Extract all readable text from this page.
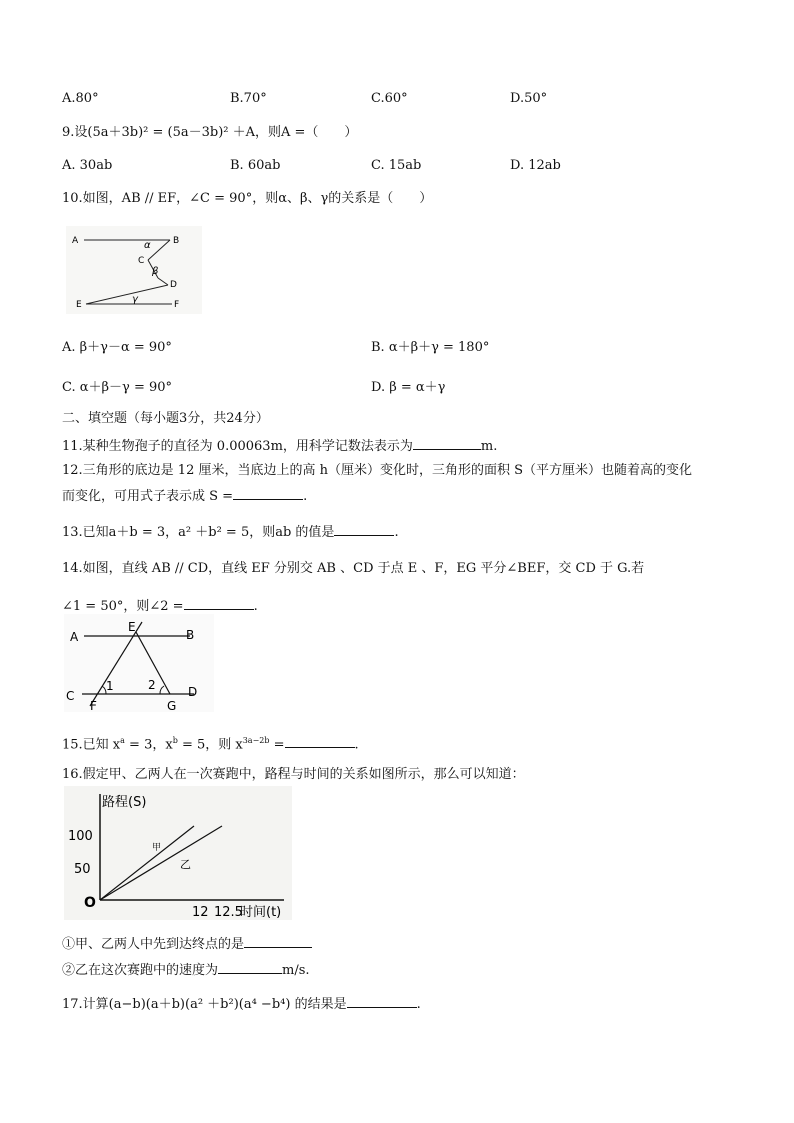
A.80°	B.70°	C.60°	D.50°
9.设(5a＋3b)² = (5a－3b)² ＋A，则A =（　　）
A. 30ab	B. 60ab	C. 15ab	D. 12ab
10.如图，AB // EF，∠C = 90°，则α、β、γ的关系是（　　）
A	B
C
D
E	F
α
β
γ
A. β＋γ－α = 90°	B. α＋β＋γ = 180°
C. α＋β－γ = 90°	D. β = α＋γ
二、填空题（每小题3分，共24分）
11.某种生物孢子的直径为 0.00063m，用科学记数法表示为	m.
12.三角形的底边是 12 厘米，当底边上的高 h（厘米）变化时，三角形的面积 S（平方厘米）也随着高的变化
而变化，可用式子表示成 S =	.
13.已知a＋b = 3，a² ＋b² = 5，则ab 的值是	.
14.如图，直线 AB // CD，直线 EF 分别交 AB 、CD 于点 E 、F，EG 平分∠BEF，交 CD 于 G.若
∠1 = 50°，则∠2 =	.
A	B
E
C	D
F	G
1	2
15.已知 $x^a = 3$，$x^b = 5$，则 $x^{3a-2b}$ =	.
16.假定甲、乙两人在一次赛跑中，路程与时间的关系如图所示，那么可以知道：
路程(S)
100
50
O
12 12.5
时间(t)
甲
乙
①甲、乙两人中先到达终点的是
②乙在这次赛跑中的速度为	m/s.
17.计算(a−b)(a＋b)(a² ＋b²)(a⁴ −b⁴) 的结果是	.
